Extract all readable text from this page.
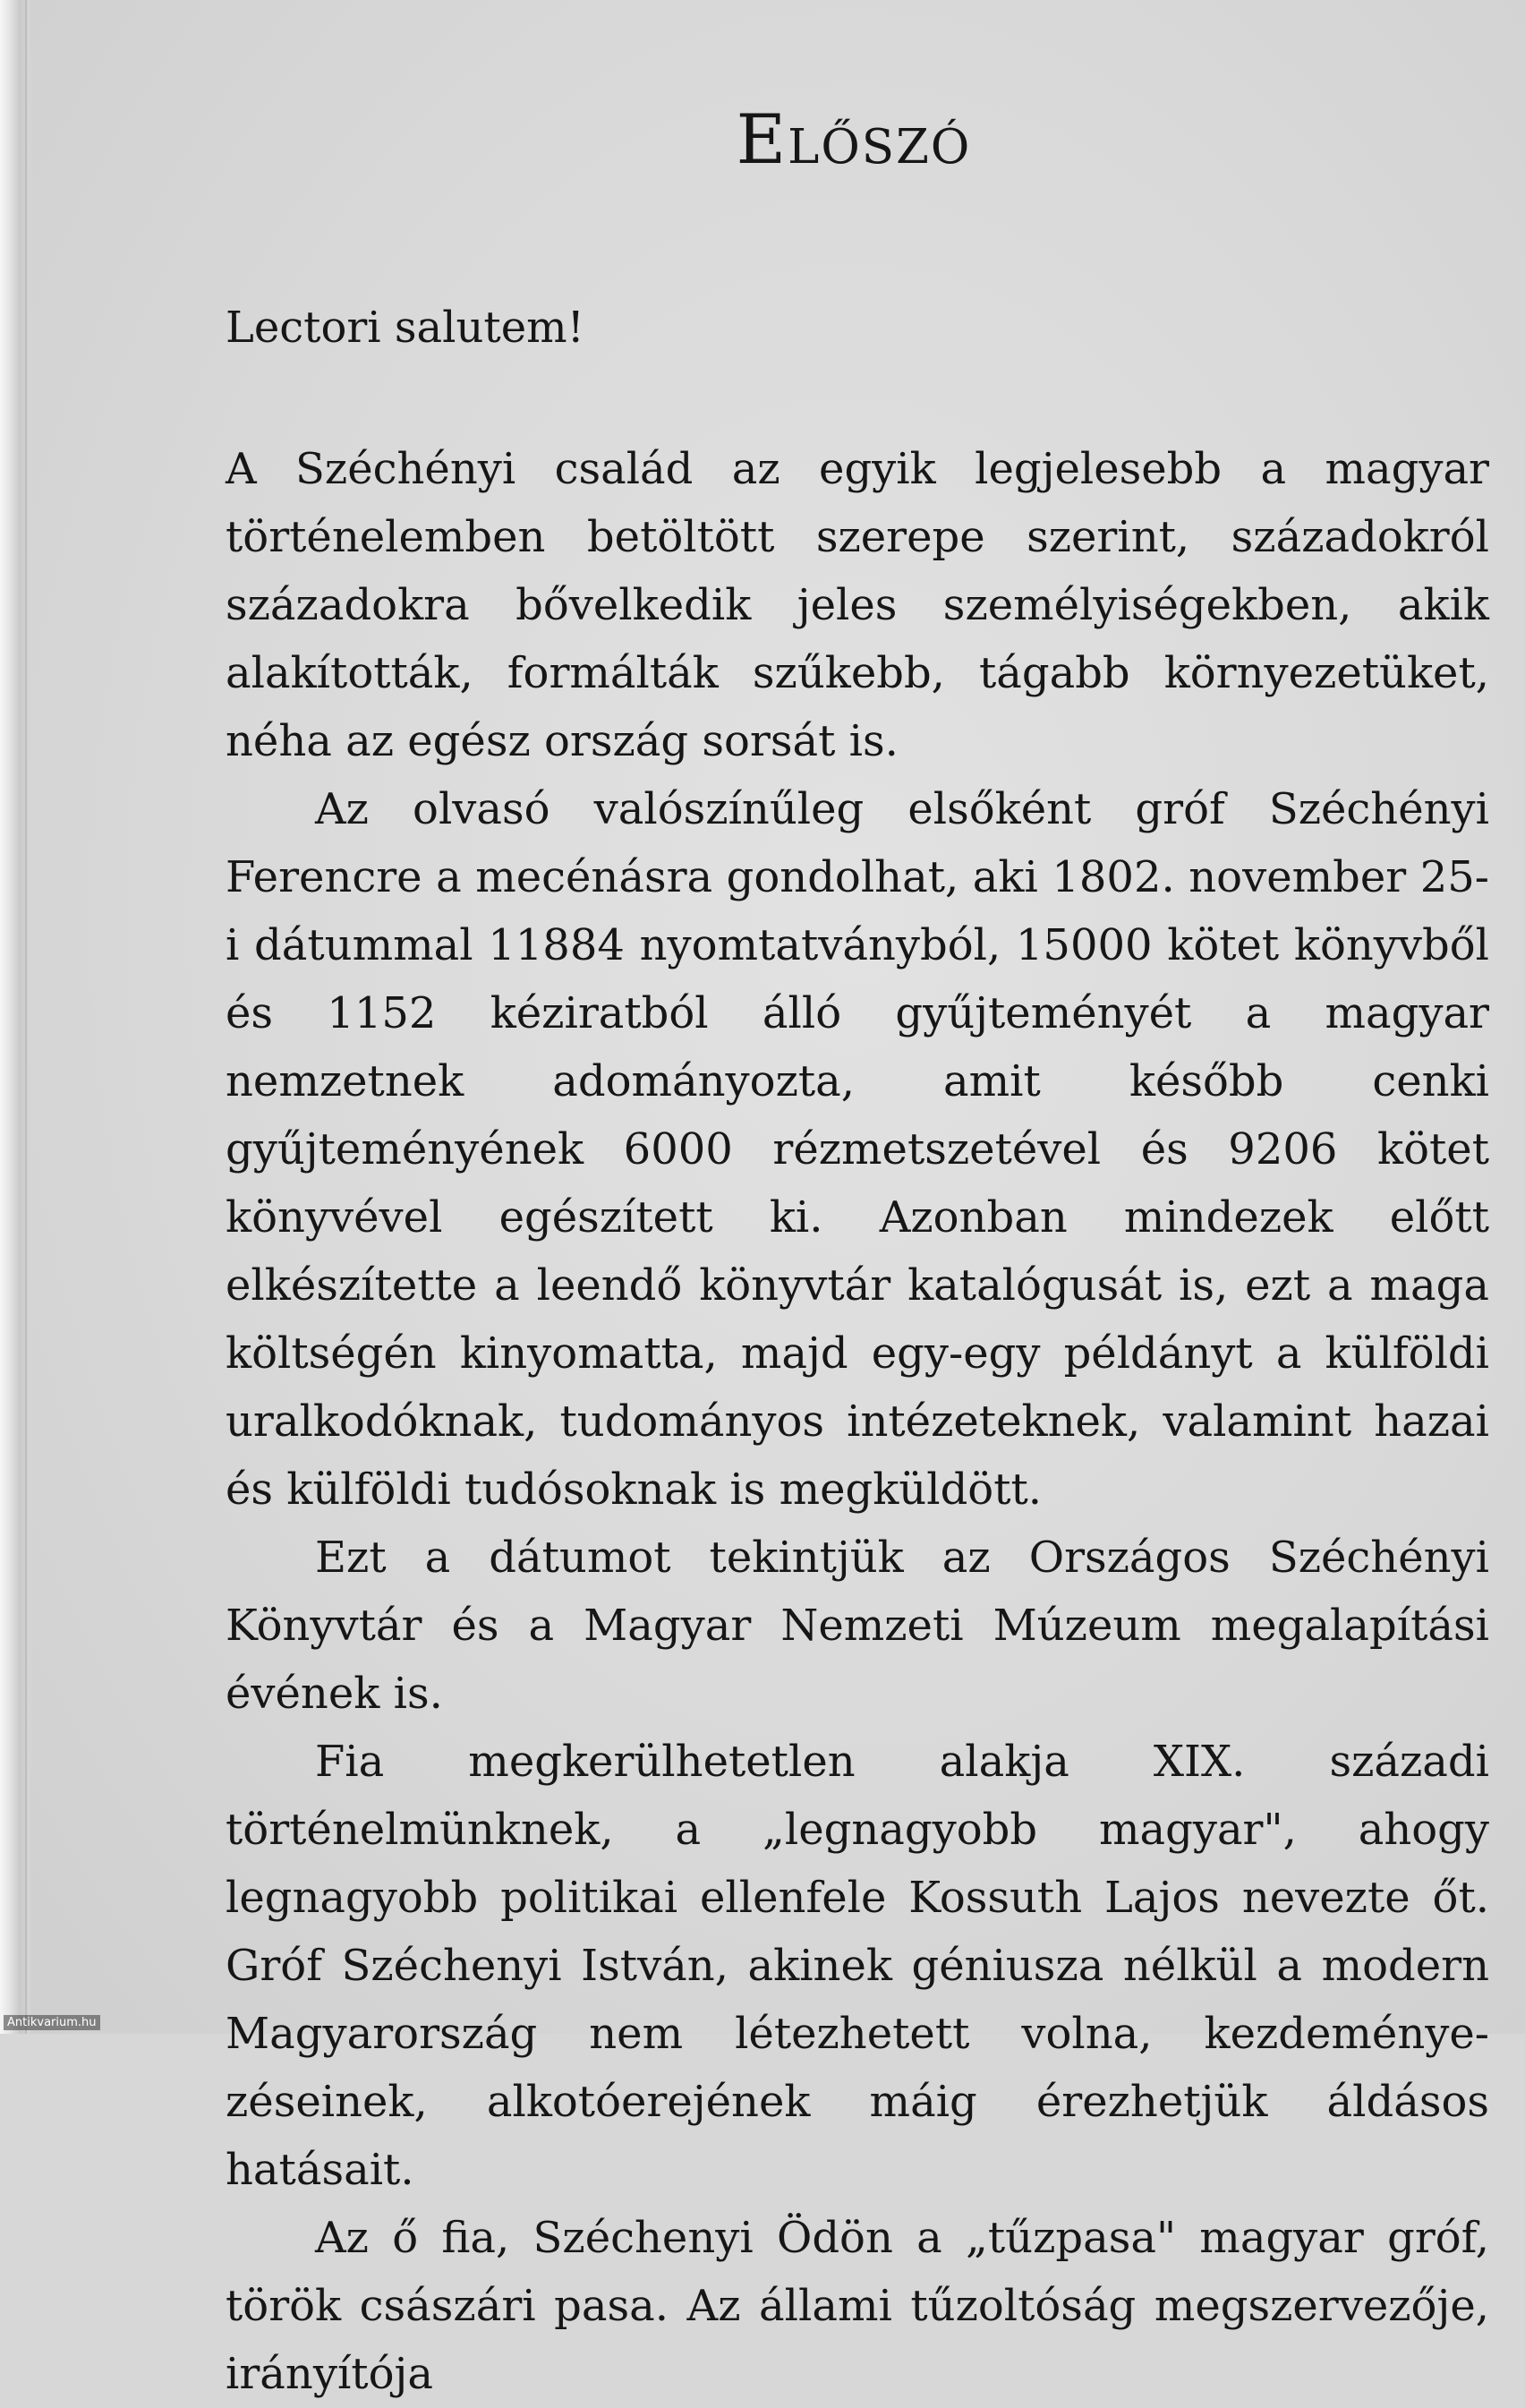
Előszó
Lectori salutem!

A Széchényi család az egyik legjelesebb a magyar történelemben betöltött szerepe szerint, századokról századokra bővelkedik jeles személyiségekben, akik alakították, formálták szűkebb, tágabb környezetüket, néha az egész ország sorsát is.

Az olvasó valószínűleg elsőként gróf Széchényi Ferencre a mecénásra gondolhat, aki 1802. november 25-i dátummal 11884 nyomtatványból, 15000 kötet könyvből és 1152 kéziratból álló gyűjteményét a magyar nemzetnek adományozta, amit később cenki gyűjteményének 6000 rézmetszetével és 9206 kötet könyvével egészített ki. Azonban mindezek előtt elkészítette a leendő könyvtár katalógusát is, ezt a maga költségén kinyomatta, majd egy-egy példányt a külföldi uralkodóknak, tudományos intézeteknek, valamint hazai és külföldi tudósoknak is megküldött.

Ezt a dátumot tekintjük az Országos Széchényi Könyvtár és a Magyar Nemzeti Múzeum megalapítási évének is.

Fia megkerülhetetlen alakja XIX. századi történelmünknek, a „legnagyobb magyar", ahogy legnagyobb politikai ellenfele Kossuth Lajos nevezte őt. Gróf Széchenyi István, akinek géniusza nélkül a modern Magyarország nem létezhetett volna, kezdeményezéseinek, alkotóerejének máig érezhetjük áldásos hatásait.

Az ő fia, Széchenyi Ödön a „tűzpasa" magyar gróf, török császári pasa. Az állami tűzoltóság megszervezője, irányítója

Antikvarium.hu
